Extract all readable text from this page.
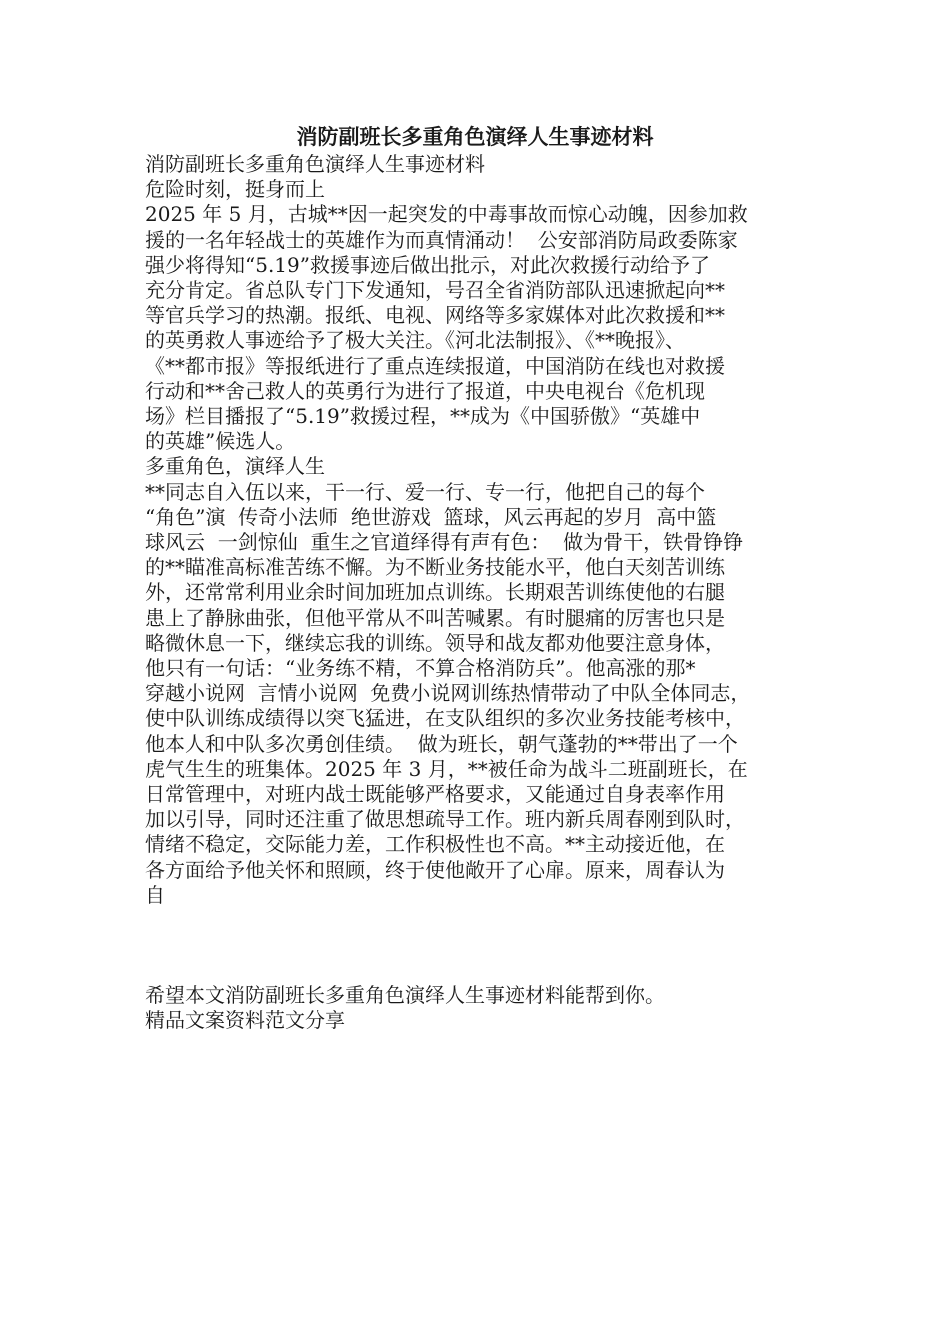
消防副班长多重角色演绎人生事迹材料

消防副班长多重角色演绎人生事迹材料

危险时刻，挺身而上

2025 年 5 月，古城**因一起突发的中毒事故而惊心动魄，因参加救

援的一名年轻战士的英雄作为而真情涌动！  公安部消防局政委陈家

强少将得知“5.19”救援事迹后做出批示，对此次救援行动给予了

充分肯定。省总队专门下发通知，号召全省消防部队迅速掀起向**

等官兵学习的热潮。报纸、电视、网络等多家媒体对此次救援和**

的英勇救人事迹给予了极大关注。《河北法制报》、《**晚报》、

《**都市报》等报纸进行了重点连续报道，中国消防在线也对救援

行动和**舍己救人的英勇行为进行了报道，中央电视台《危机现

场》栏目播报了“5.19”救援过程，**成为《中国骄傲》“英雄中

的英雄”候选人。

多重角色，演绎人生

**同志自入伍以来，干一行、爱一行、专一行，他把自己的每个

“角色”演  传奇小法师  绝世游戏  篮球，风云再起的岁月  高中篮

球风云  一剑惊仙  重生之官道绎得有声有色：  做为骨干，铁骨铮铮

的**瞄准高标准苦练不懈。为不断业务技能水平，他白天刻苦训练

外，还常常利用业余时间加班加点训练。长期艰苦训练使他的右腿

患上了静脉曲张，但他平常从不叫苦喊累。有时腿痛的厉害也只是

略微休息一下，继续忘我的训练。领导和战友都劝他要注意身体，

他只有一句话：“业务练不精，不算合格消防兵”。他高涨的那*

穿越小说网  言情小说网  免费小说网训练热情带动了中队全体同志，

使中队训练成绩得以突飞猛进，在支队组织的多次业务技能考核中，

他本人和中队多次勇创佳绩。  做为班长，朝气蓬勃的**带出了一个

虎气生生的班集体。2025 年 3 月，**被任命为战斗二班副班长，在

日常管理中，对班内战士既能够严格要求，又能通过自身表率作用

加以引导，同时还注重了做思想疏导工作。班内新兵周春刚到队时，

情绪不稳定，交际能力差，工作积极性也不高。**主动接近他，在

各方面给予他关怀和照顾，终于使他敞开了心扉。原来，周春认为

自

希望本文消防副班长多重角色演绎人生事迹材料能帮到你。

精品文案资料范文分享
